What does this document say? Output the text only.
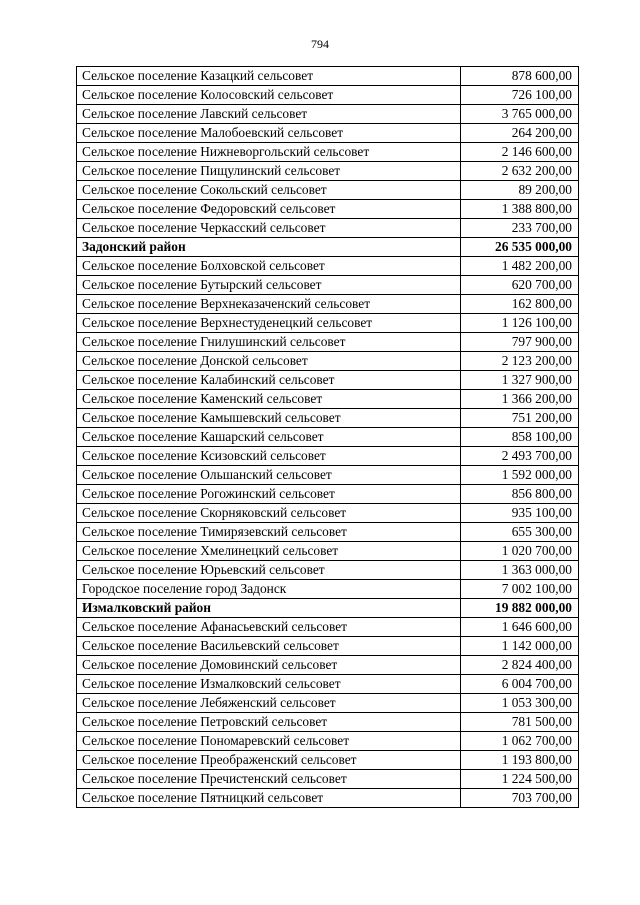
794
Сельское поселение Казацкий сельсовет	878 600,00
Сельское поселение Колосовский сельсовет	726 100,00
Сельское поселение Лавский сельсовет	3 765 000,00
Сельское поселение Малобоевский сельсовет	264 200,00
Сельское поселение Нижневоргольский сельсовет	2 146 600,00
Сельское поселение Пищулинский сельсовет	2 632 200,00
Сельское поселение Сокольский сельсовет	89 200,00
Сельское поселение Федоровский сельсовет	1 388 800,00
Сельское поселение Черкасский сельсовет	233 700,00
Задонский район	26 535 000,00
Сельское поселение Болховской сельсовет	1 482 200,00
Сельское поселение Бутырский сельсовет	620 700,00
Сельское поселение Верхнеказаченский сельсовет	162 800,00
Сельское поселение Верхнестуденецкий сельсовет	1 126 100,00
Сельское поселение Гнилушинский сельсовет	797 900,00
Сельское поселение Донской сельсовет	2 123 200,00
Сельское поселение Калабинский сельсовет	1 327 900,00
Сельское поселение Каменский сельсовет	1 366 200,00
Сельское поселение Камышевский сельсовет	751 200,00
Сельское поселение Кашарский сельсовет	858 100,00
Сельское поселение Ксизовский сельсовет	2 493 700,00
Сельское поселение Ольшанский сельсовет	1 592 000,00
Сельское поселение Рогожинский сельсовет	856 800,00
Сельское поселение Скорняковский сельсовет	935 100,00
Сельское поселение Тимирязевский сельсовет	655 300,00
Сельское поселение Хмелинецкий сельсовет	1 020 700,00
Сельское поселение Юрьевский сельсовет	1 363 000,00
Городское поселение город Задонск	7 002 100,00
Измалковский район	19 882 000,00
Сельское поселение Афанасьевский сельсовет	1 646 600,00
Сельское поселение Васильевский сельсовет	1 142 000,00
Сельское поселение Домовинский сельсовет	2 824 400,00
Сельское поселение Измалковский сельсовет	6 004 700,00
Сельское поселение Лебяженский сельсовет	1 053 300,00
Сельское поселение Петровский сельсовет	781 500,00
Сельское поселение Пономаревский сельсовет	1 062 700,00
Сельское поселение Преображенский сельсовет	1 193 800,00
Сельское поселение Пречистенский сельсовет	1 224 500,00
Сельское поселение Пятницкий сельсовет	703 700,00
